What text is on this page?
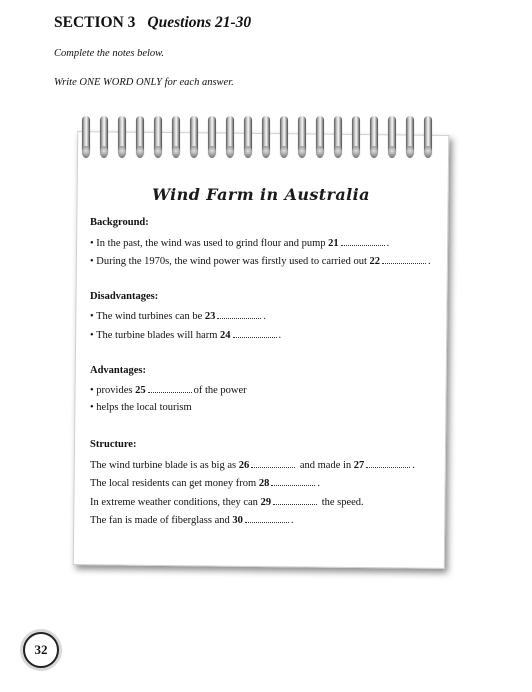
SECTION 3 Questions 21-30
Complete the notes below.
Write ONE WORD ONLY for each answer.
Wind Farm in Australia
Background:
• In the past, the wind was used to grind flour and pump 21	.
• During the 1970s, the wind power was firstly used to carried out 22	.
Disadvantages:
• The wind turbines can be 23	.
• The turbine blades will harm 24	.
Advantages:
• provides 25	of the power
• helps the local tourism
Structure:
The wind turbine blade is as big as 26	and made in 27	.
The local residents can get money from 28	.
In extreme weather conditions, they can 29	the speed.
The fan is made of fiberglass and 30	.
32
